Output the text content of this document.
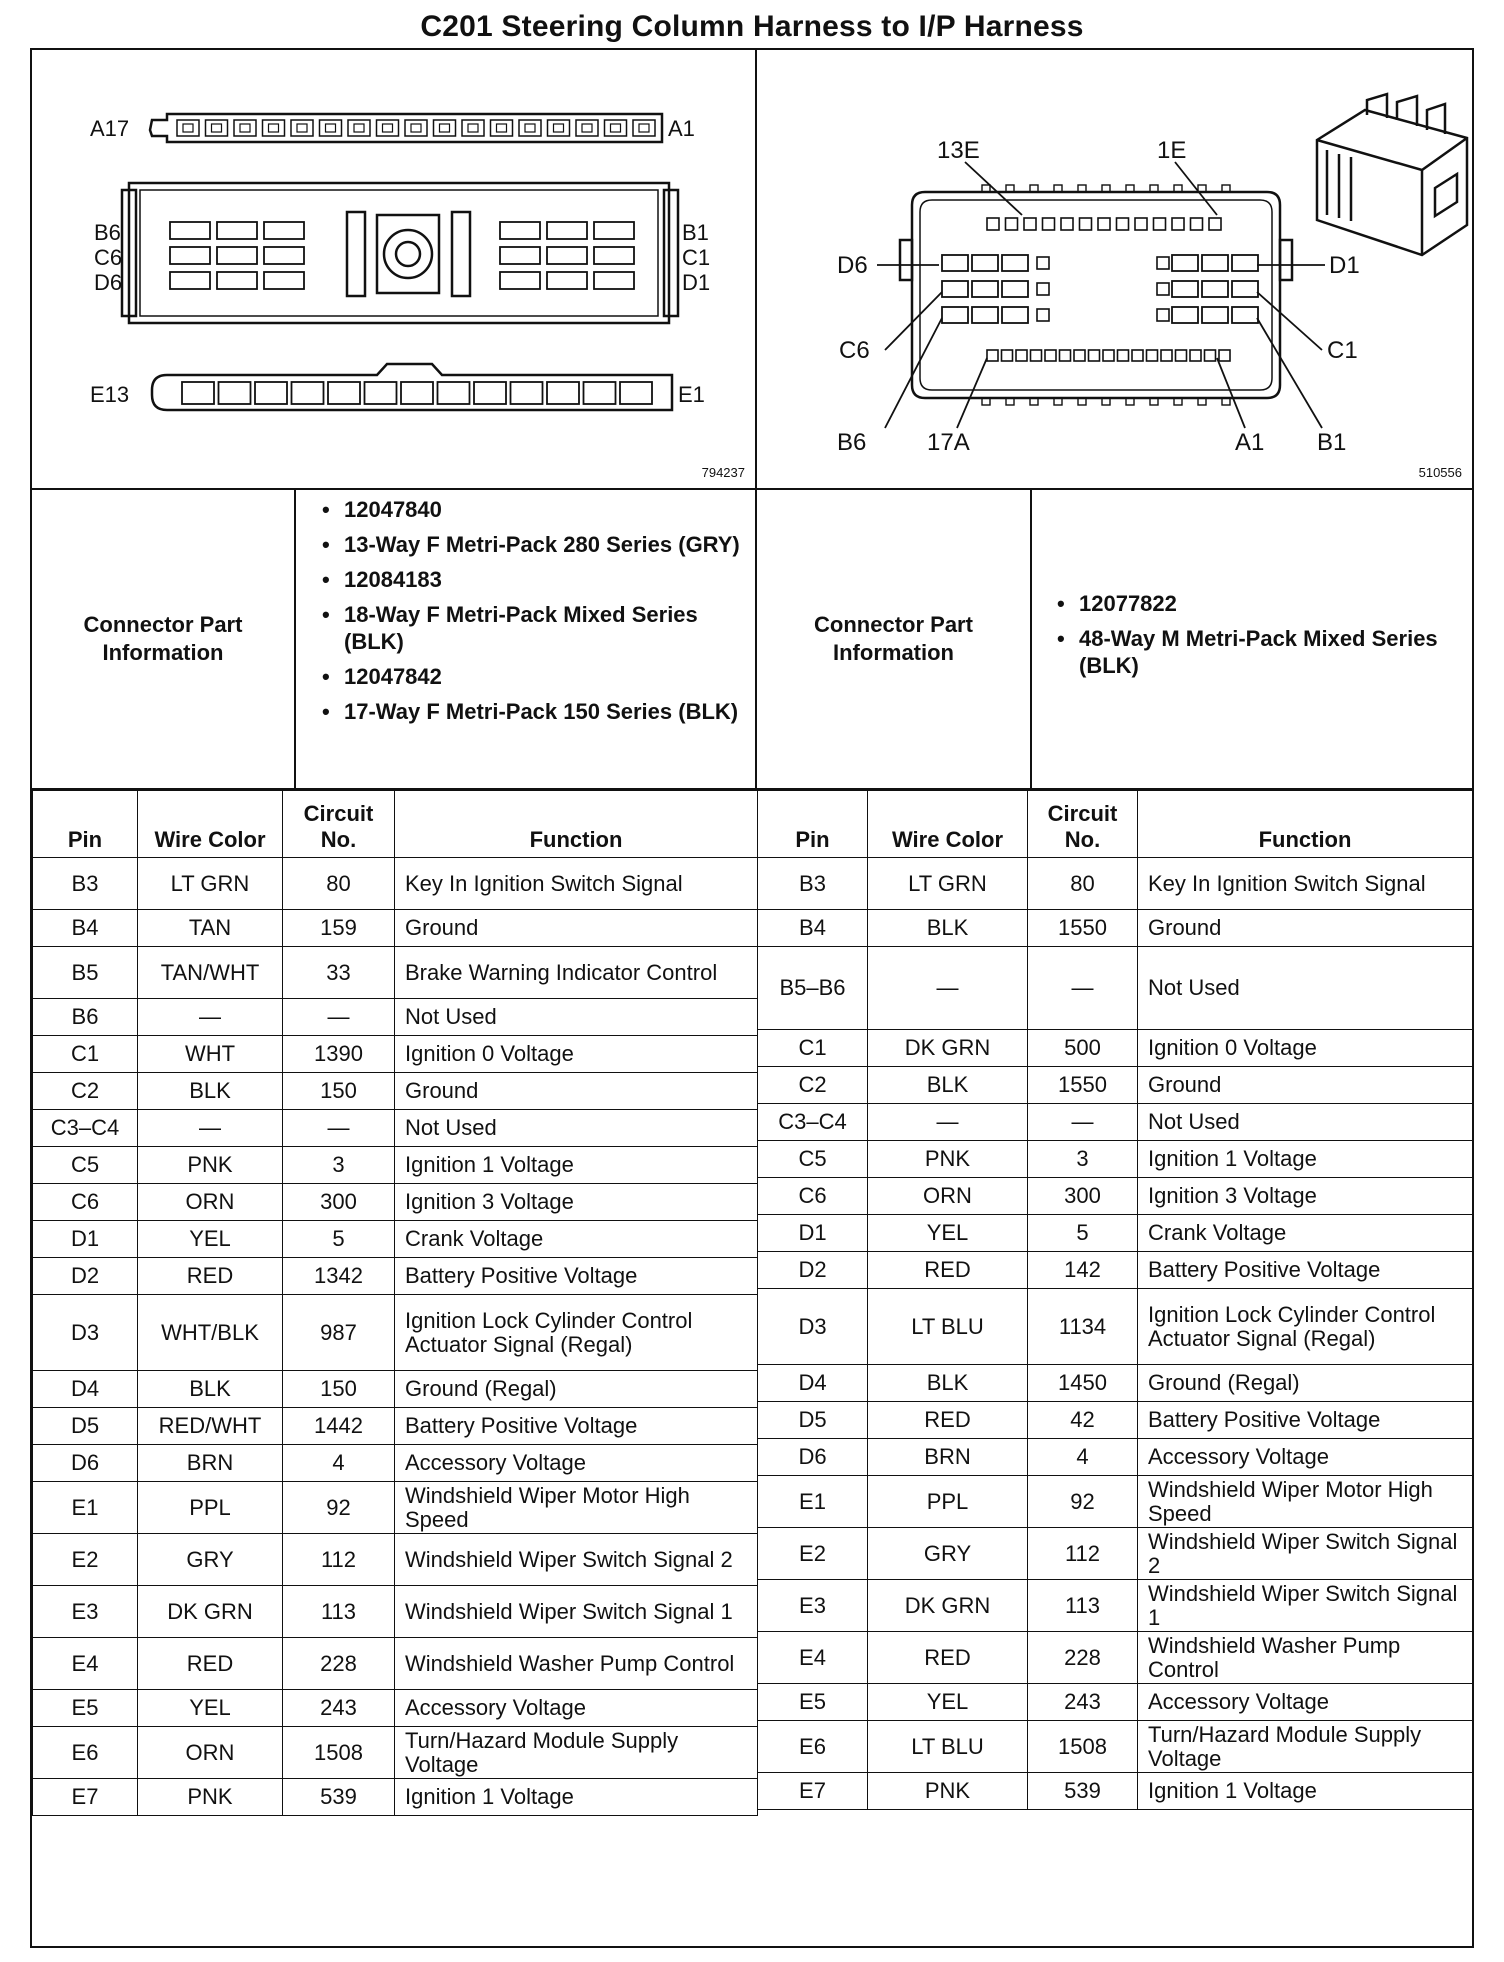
C201 Steering Column Harness to I/P Harness
A17	A1
B6
C6
D6
B1
C1
D1
E13	E1
794237
13E	1E
D6	D1
C6	C1
B6	17A	A1 B1
510556
Connector Part Information
• 12047840
• 13-Way F Metri-Pack 280 Series (GRY)
• 12084183
• 18-Way F Metri-Pack Mixed Series (BLK)
• 12047842
• 17-Way F Metri-Pack 150 Series (BLK)
Connector Part Information
• 12077822
• 48-Way M Metri-Pack Mixed Series (BLK)
Pin	Wire Color	Circuit No.	Function
B3	LT GRN	80	Key In Ignition Switch Signal
B4	TAN	159	Ground
B5	TAN/WHT	33	Brake Warning Indicator Control
B6	—	—	Not Used
C1	WHT	1390	Ignition 0 Voltage
C2	BLK	150	Ground
C3–C4	—	—	Not Used
C5	PNK	3	Ignition 1 Voltage
C6	ORN	300	Ignition 3 Voltage
D1	YEL	5	Crank Voltage
D2	RED	1342	Battery Positive Voltage
D3	WHT/BLK	987	Ignition Lock Cylinder Control Actuator Signal (Regal)
D4	BLK	150	Ground (Regal)
D5	RED/WHT	1442	Battery Positive Voltage
D6	BRN	4	Accessory Voltage
E1	PPL	92	Windshield Wiper Motor High Speed
E2	GRY	112	Windshield Wiper Switch Signal 2
E3	DK GRN	113	Windshield Wiper Switch Signal 1
E4	RED	228	Windshield Washer Pump Control
E5	YEL	243	Accessory Voltage
E6	ORN	1508	Turn/Hazard Module Supply Voltage
E7	PNK	539	Ignition 1 Voltage
Pin	Wire Color	Circuit No.	Function
B3	LT GRN	80	Key In Ignition Switch Signal
B4	BLK	1550	Ground
B5–B6	—	—	Not Used

C1	DK GRN	500	Ignition 0 Voltage
C2	BLK	1550	Ground
C3–C4	—	—	Not Used
C5	PNK	3	Ignition 1 Voltage
C6	ORN	300	Ignition 3 Voltage
D1	YEL	5	Crank Voltage
D2	RED	142	Battery Positive Voltage
D3	LT BLU	1134	Ignition Lock Cylinder Control Actuator Signal (Regal)
D4	BLK	1450	Ground (Regal)
D5	RED	42	Battery Positive Voltage
D6	BRN	4	Accessory Voltage
E1	PPL	92	Windshield Wiper Motor High Speed
E2	GRY	112	Windshield Wiper Switch Signal 2
E3	DK GRN	113	Windshield Wiper Switch Signal 1
E4	RED	228	Windshield Washer Pump Control
E5	YEL	243	Accessory Voltage
E6	LT BLU	1508	Turn/Hazard Module Supply Voltage
E7	PNK	539	Ignition 1 Voltage
